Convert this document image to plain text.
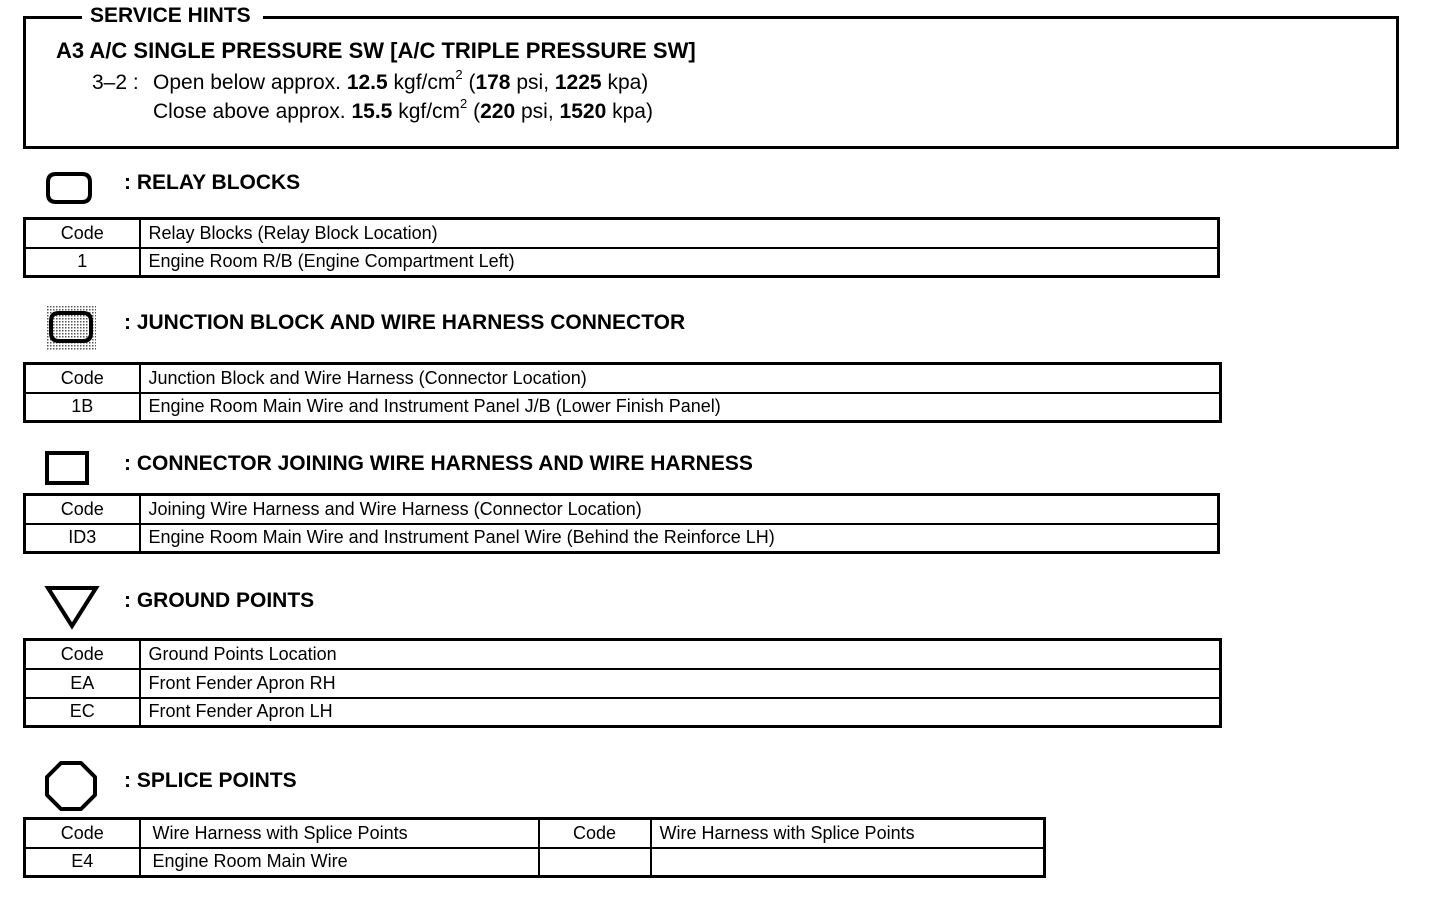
SERVICE HINTS
A3 A/C SINGLE PRESSURE SW [A/C TRIPLE PRESSURE SW]
3–2 : Open below approx. 12.5 kgf/$cm^2$ (178 psi, 1225 kpa)
Close above approx. 15.5 kgf/$cm^2$ (220 psi, 1520 kpa)
: RELAY BLOCKS
Code	Relay Blocks (Relay Block Location)
1	Engine Room R/B (Engine Compartment Left)
: JUNCTION BLOCK AND WIRE HARNESS CONNECTOR
Code	Junction Block and Wire Harness (Connector Location)
1B	Engine Room Main Wire and Instrument Panel J/B (Lower Finish Panel)
: CONNECTOR JOINING WIRE HARNESS AND WIRE HARNESS
Code	Joining Wire Harness and Wire Harness (Connector Location)
ID3	Engine Room Main Wire and Instrument Panel Wire (Behind the Reinforce LH)
: GROUND POINTS
Code	Ground Points Location
EA	Front Fender Apron RH
EC	Front Fender Apron LH
: SPLICE POINTS
Code	Wire Harness with Splice Points	Code	Wire Harness with Splice Points
E4	Engine Room Main Wire		
